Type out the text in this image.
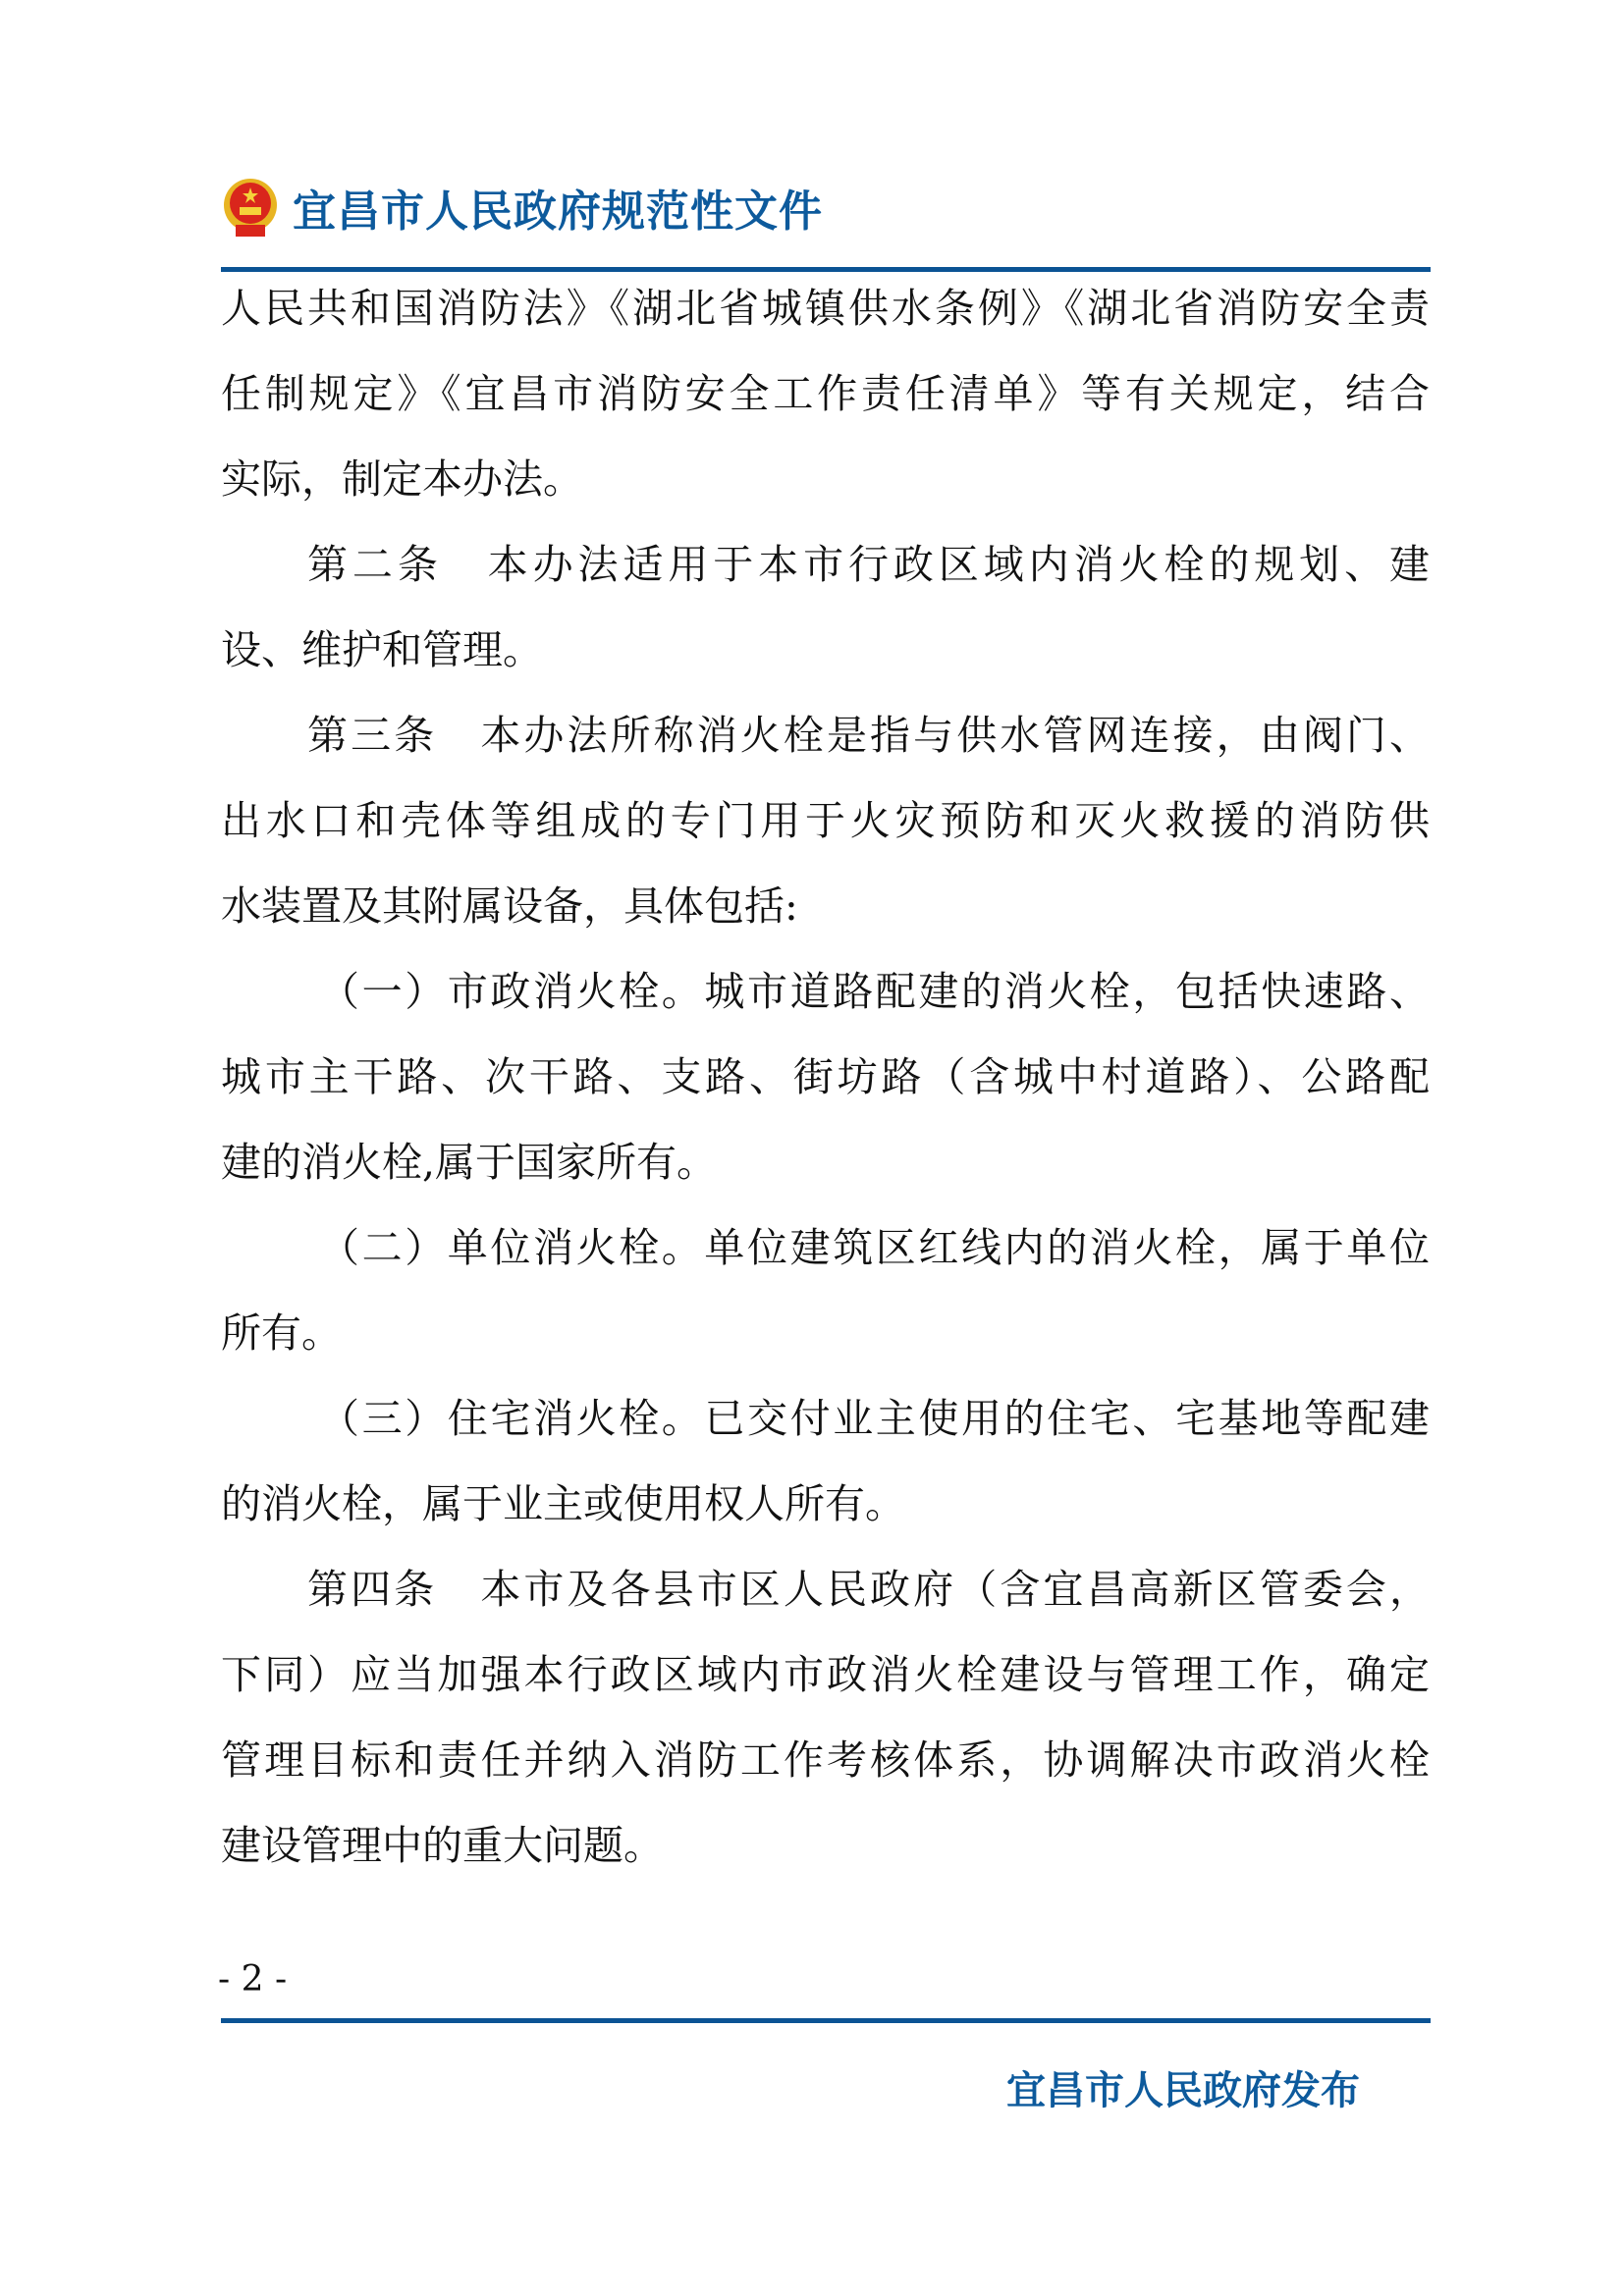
宜昌市人民政府规范性文件
人民共和国消防法》《湖北省城镇供水条例》《湖北省消防安全责
任制规定》《宜昌市消防安全工作责任清单》等有关规定，结合
实际，制定本办法。
第二条　本办法适用于本市行政区域内消火栓的规划、建
设、维护和管理。
第三条　本办法所称消火栓是指与供水管网连接，由阀门、
出水口和壳体等组成的专门用于火灾预防和灭火救援的消防供
水装置及其附属设备，具体包括:
（一）市政消火栓。城市道路配建的消火栓，包括快速路、
城市主干路、次干路、支路、街坊路（含城中村道路）、公路配
建的消火栓,属于国家所有。
（二）单位消火栓。单位建筑区红线内的消火栓，属于单位
所有。
（三）住宅消火栓。已交付业主使用的住宅、宅基地等配建
的消火栓，属于业主或使用权人所有。
第四条　本市及各县市区人民政府（含宜昌高新区管委会，
下同）应当加强本行政区域内市政消火栓建设与管理工作，确定
管理目标和责任并纳入消防工作考核体系，协调解决市政消火栓
建设管理中的重大问题。
- 2 -
宜昌市人民政府发布
